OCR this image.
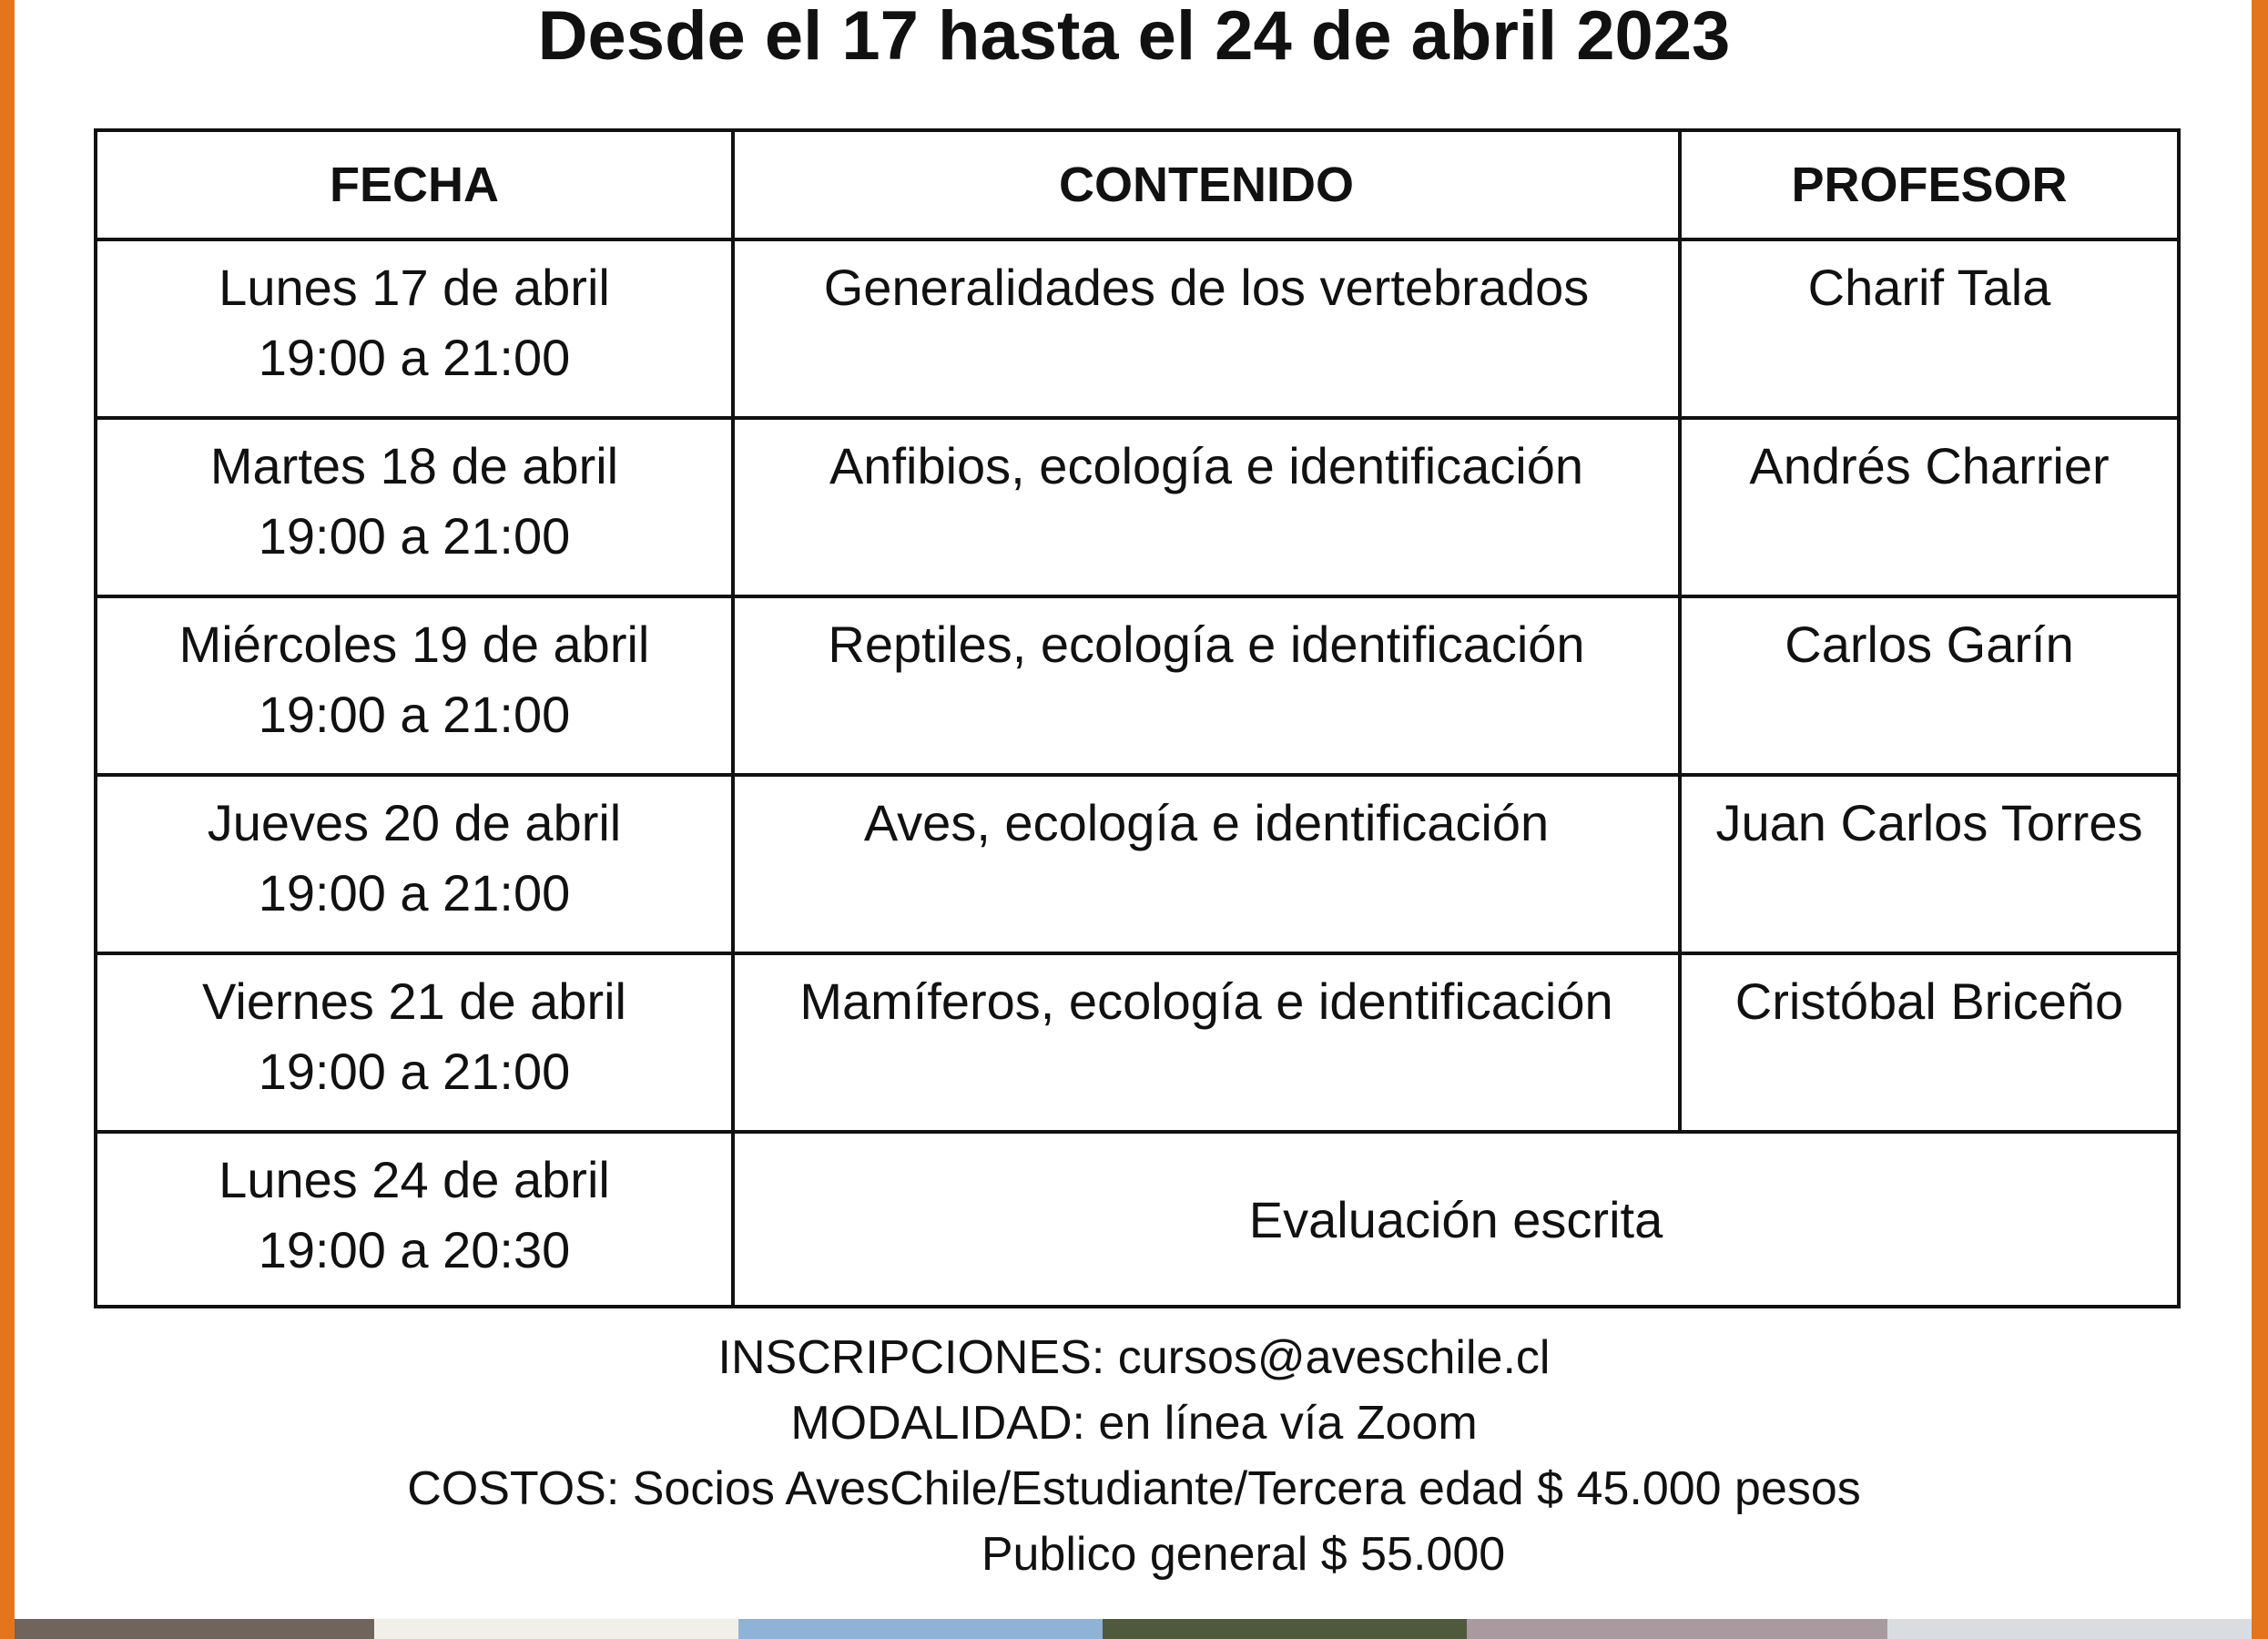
Desde el 17 hasta el 24 de abril 2023
FECHA	CONTENIDO	PROFESOR

Lunes 17 de abril
19:00 a 21:00	Generalidades de los vertebrados	Charif Tala

Martes 18 de abril
19:00 a 21:00	Anfibios, ecología e identificación	Andrés Charrier

Miércoles 19 de abril
19:00 a 21:00	Reptiles, ecología e identificación	Carlos Garín

Jueves 20 de abril
19:00 a 21:00	Aves, ecología e identificación	Juan Carlos Torres

Viernes 21 de abril
19:00 a 21:00	Mamíferos, ecología e identificación	Cristóbal Briceño

Lunes 24 de abril
19:00 a 20:30	Evaluación escrita	
INSCRIPCIONES: cursos@aveschile.cl
MODALIDAD: en línea vía Zoom
COSTOS: Socios AvesChile/Estudiante/Tercera edad $ 45.000 pesos
Publico general $ 55.000
